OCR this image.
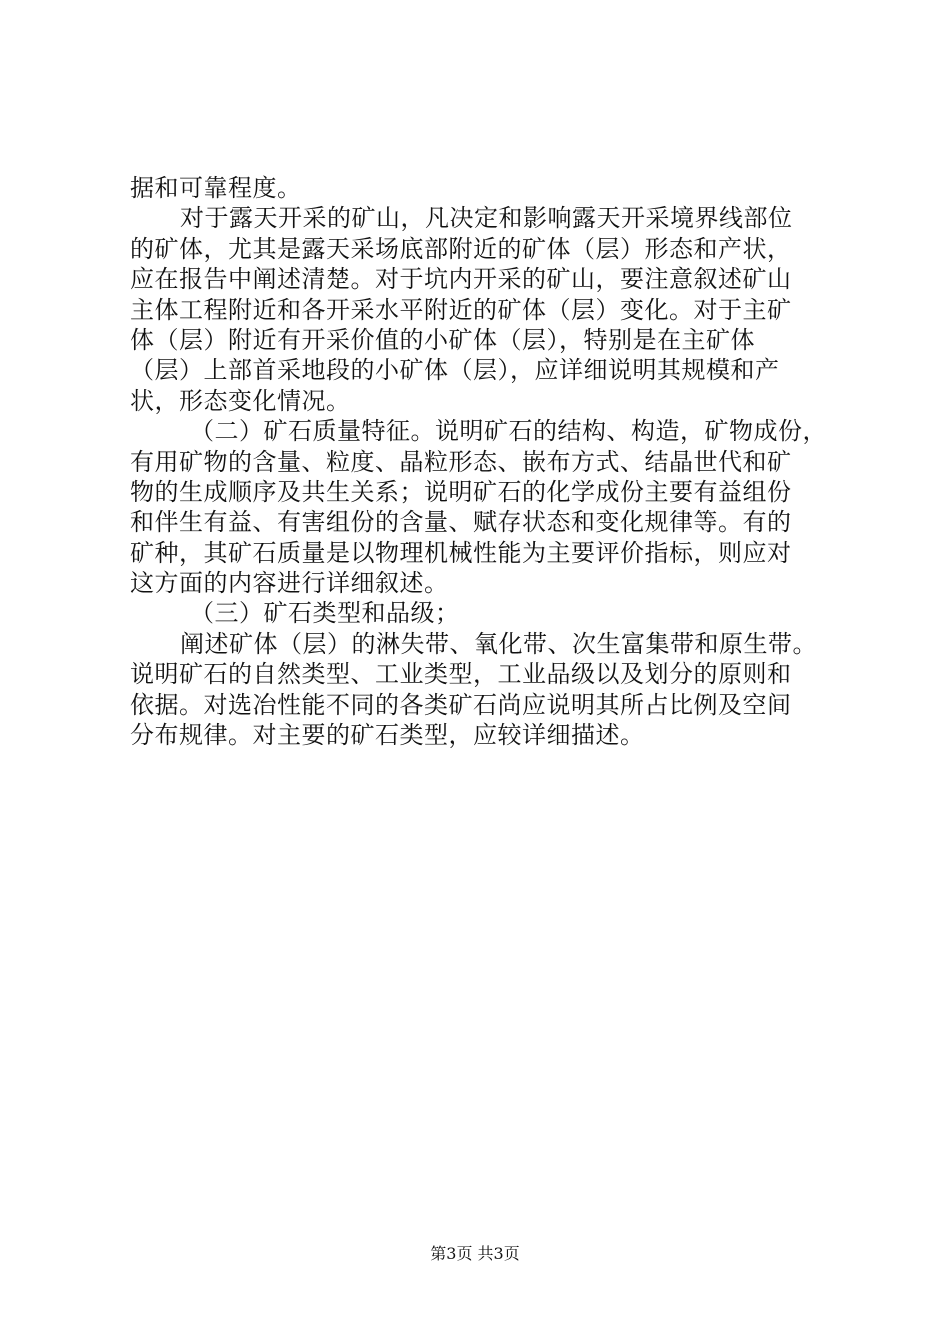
据和可靠程度。

对于露天开采的矿山，凡决定和影响露天开采境界线部位

的矿体，尤其是露天采场底部附近的矿体（层）形态和产状，

应在报告中阐述清楚。对于坑内开采的矿山，要注意叙述矿山

主体工程附近和各开采水平附近的矿体（层）变化。对于主矿

体（层）附近有开采价值的小矿体（层），特别是在主矿体

（层）上部首采地段的小矿体（层），应详细说明其规模和产

状，形态变化情况。

（二）矿石质量特征。说明矿石的结构、构造，矿物成份，

有用矿物的含量、粒度、晶粒形态、嵌布方式、结晶世代和矿

物的生成顺序及共生关系；说明矿石的化学成份主要有益组份

和伴生有益、有害组份的含量、赋存状态和变化规律等。有的

矿种，其矿石质量是以物理机械性能为主要评价指标，则应对

这方面的内容进行详细叙述。

（三）矿石类型和品级；

阐述矿体（层）的淋失带、氧化带、次生富集带和原生带。

说明矿石的自然类型、工业类型，工业品级以及划分的原则和

依据。对选冶性能不同的各类矿石尚应说明其所占比例及空间

分布规律。对主要的矿石类型，应较详细描述。

第3页 共3页
